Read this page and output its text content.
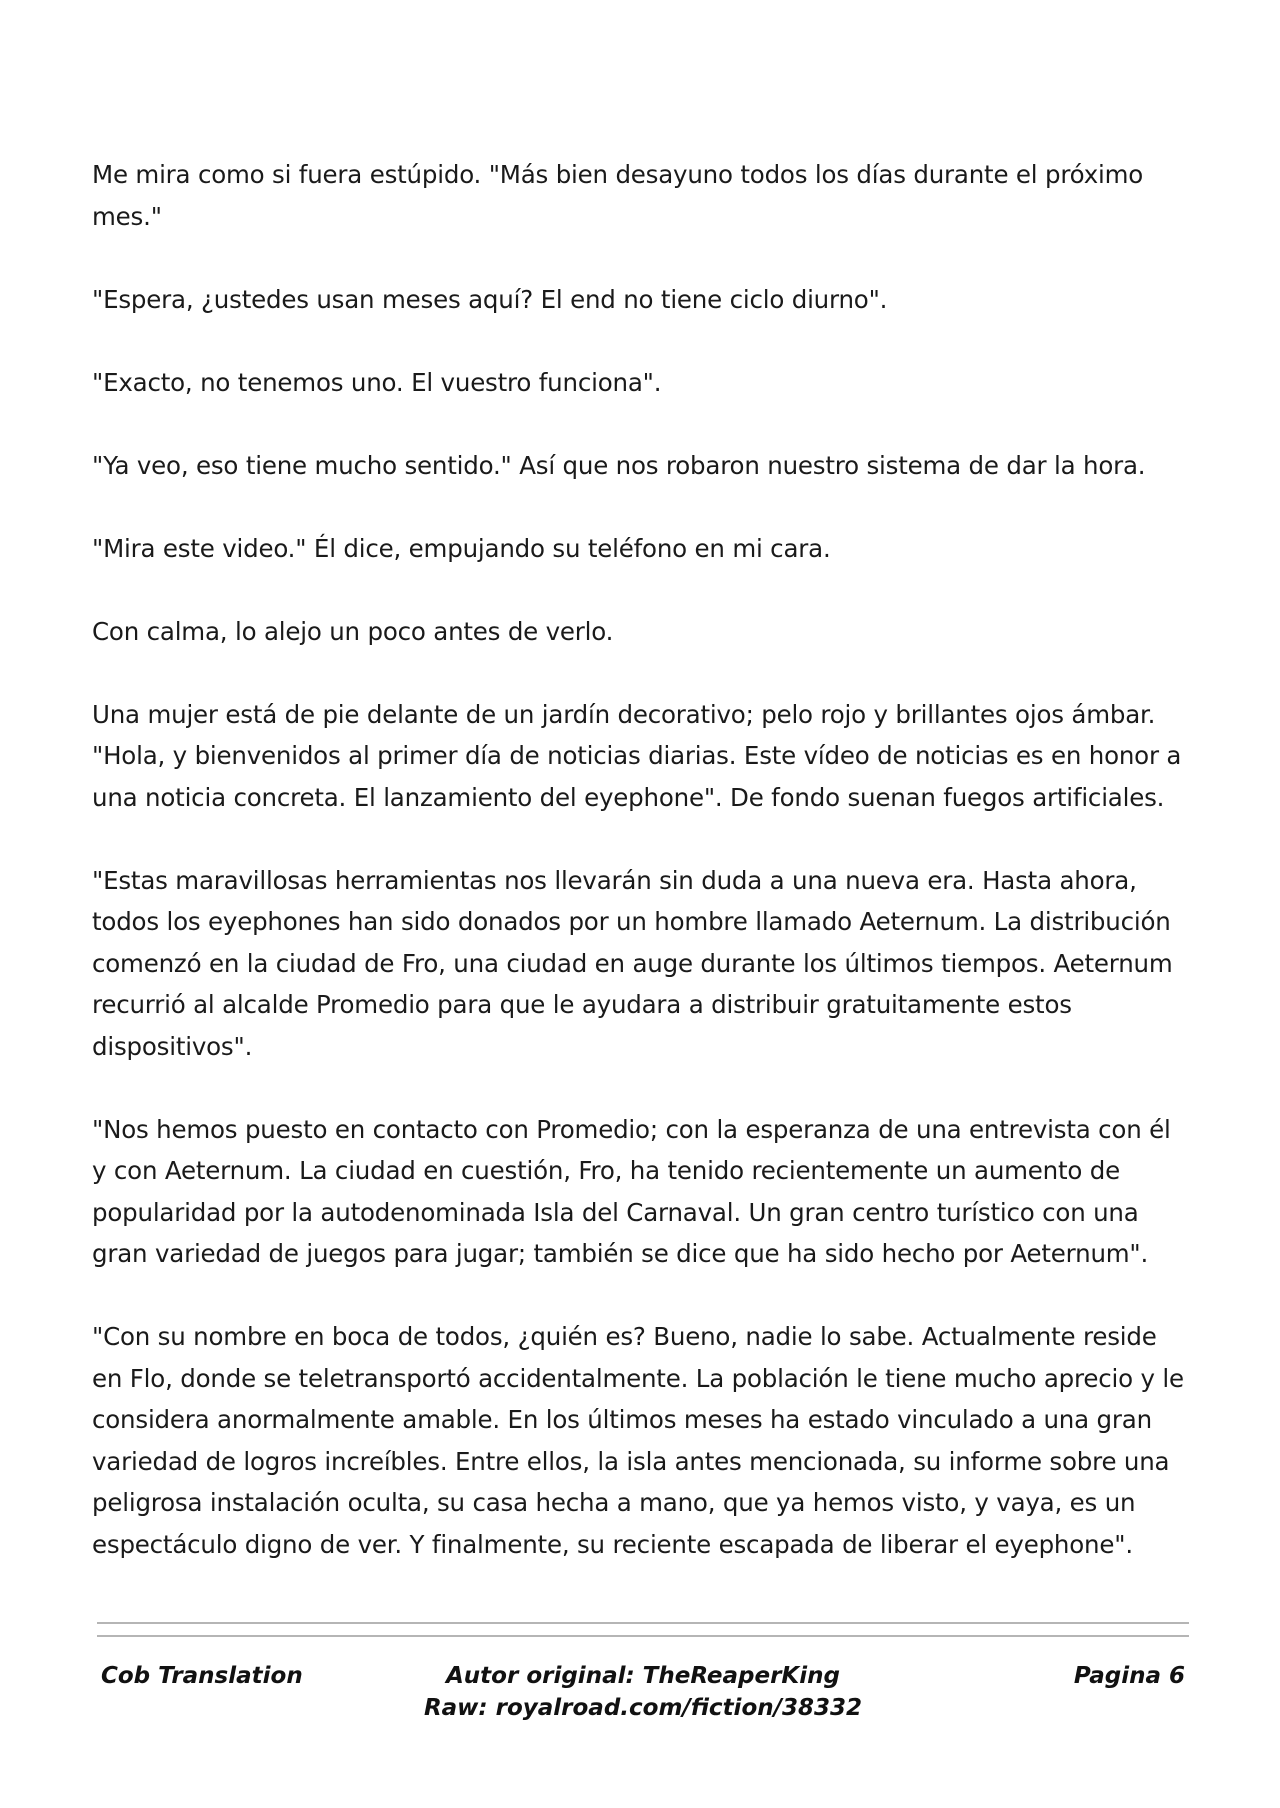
Me mira como si fuera estúpido. "Más bien desayuno todos los días durante el próximo mes."

"Espera, ¿ustedes usan meses aquí? El end no tiene ciclo diurno".

"Exacto, no tenemos uno. El vuestro funciona".

"Ya veo, eso tiene mucho sentido." Así que nos robaron nuestro sistema de dar la hora.

"Mira este video." Él dice, empujando su teléfono en mi cara.

Con calma, lo alejo un poco antes de verlo.

Una mujer está de pie delante de un jardín decorativo; pelo rojo y brillantes ojos ámbar. "Hola, y bienvenidos al primer día de noticias diarias. Este vídeo de noticias es en honor a una noticia concreta. El lanzamiento del eyephone". De fondo suenan fuegos artificiales.

"Estas maravillosas herramientas nos llevarán sin duda a una nueva era. Hasta ahora, todos los eyephones han sido donados por un hombre llamado Aeternum. La distribución comenzó en la ciudad de Fro, una ciudad en auge durante los últimos tiempos. Aeternum recurrió al alcalde Promedio para que le ayudara a distribuir gratuitamente estos dispositivos".

"Nos hemos puesto en contacto con Promedio; con la esperanza de una entrevista con él y con Aeternum. La ciudad en cuestión, Fro, ha tenido recientemente un aumento de popularidad por la autodenominada Isla del Carnaval. Un gran centro turístico con una gran variedad de juegos para jugar; también se dice que ha sido hecho por Aeternum".

"Con su nombre en boca de todos, ¿quién es? Bueno, nadie lo sabe. Actualmente reside en Flo, donde se teletransportó accidentalmente. La población le tiene mucho aprecio y le considera anormalmente amable. En los últimos meses ha estado vinculado a una gran variedad de logros increíbles. Entre ellos, la isla antes mencionada, su informe sobre una peligrosa instalación oculta, su casa hecha a mano, que ya hemos visto, y vaya, es un espectáculo digno de ver. Y finalmente, su reciente escapada de liberar el eyephone".

Cob Translation	Autor original: TheReaperKing
Raw: royalroad.com/fiction/38332
Pagina 6
